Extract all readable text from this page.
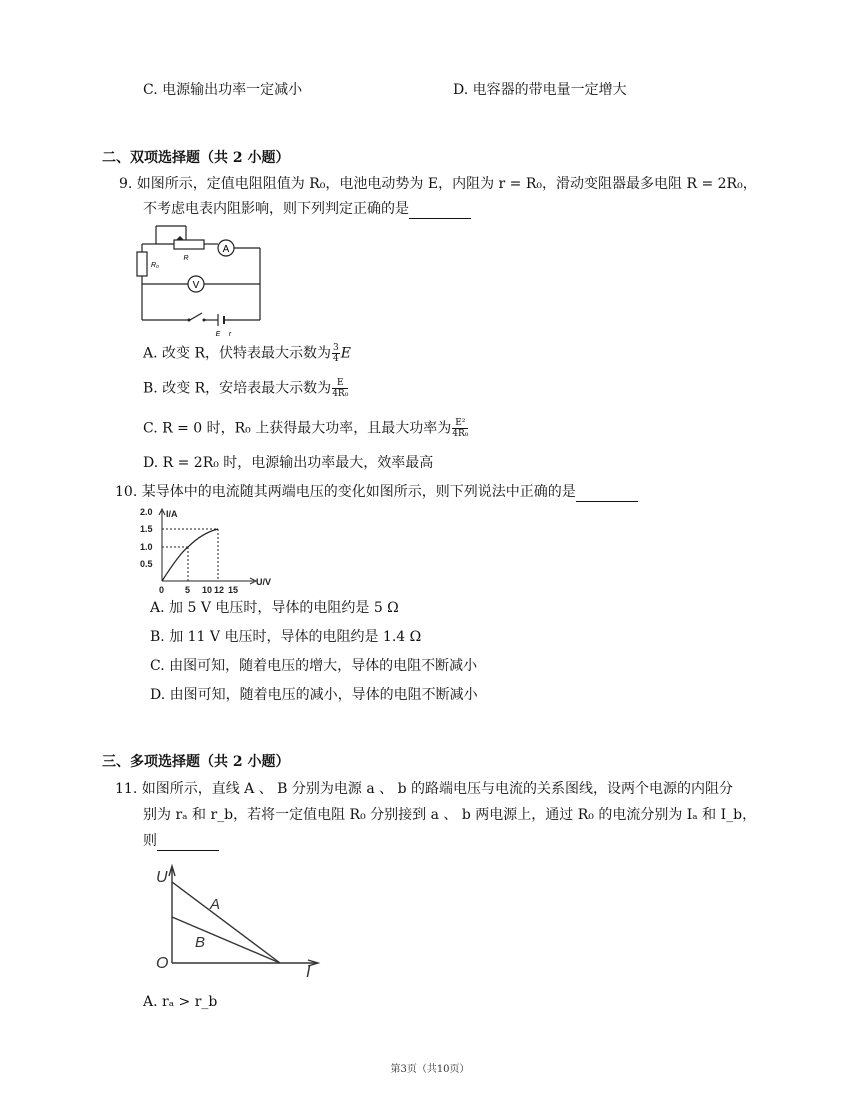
C. 电源输出功率一定减小	D. 电容器的带电量一定增大
二、双项选择题（共 2 小题）
9. 如图所示，定值电阻阻值为 R₀，电池电动势为 E，内阻为 r = R₀，滑动变阻器最多电阻 R = 2R₀，
不考虑电表内阻影响，则下列判定正确的是
A
V
R
R₀
E r
A. 改变 R，伏特表最大示数为 $\frac{3}{4}$ E
B. 改变 R，安培表最大示数为 $\frac{E}{\text{4R₀}}$
C. R = 0 时，R₀ 上获得最大功率，且最大功率为 $\frac{\text{E²}}{\text{4R₀}}$
D. R = 2R₀ 时，电源输出功率最大，效率最高
10. 某导体中的电流随其两端电压的变化如图所示，则下列说法中正确的是
I/A
U/V
2.0
1.5
1.0
0.5
0 5 10 12 15
A. 加 5 V 电压时，导体的电阻约是 5 Ω
B. 加 11 V 电压时，导体的电阻约是 1.4 Ω
C. 由图可知，随着电压的增大，导体的电阻不断减小
D. 由图可知，随着电压的减小，导体的电阻不断减小
三、多项选择题（共 2 小题）
11. 如图所示，直线 A 、 B 分别为电源 a 、 b 的路端电压与电流的关系图线，设两个电源的内阻分
别为 rₐ 和 r_b，若将一定值电阻 R₀ 分别接到 a 、 b 两电源上，通过 R₀ 的电流分别为 Iₐ 和 I_b，
则
U
I
O
A
B
A. rₐ > r_b
第3页（共10页）
